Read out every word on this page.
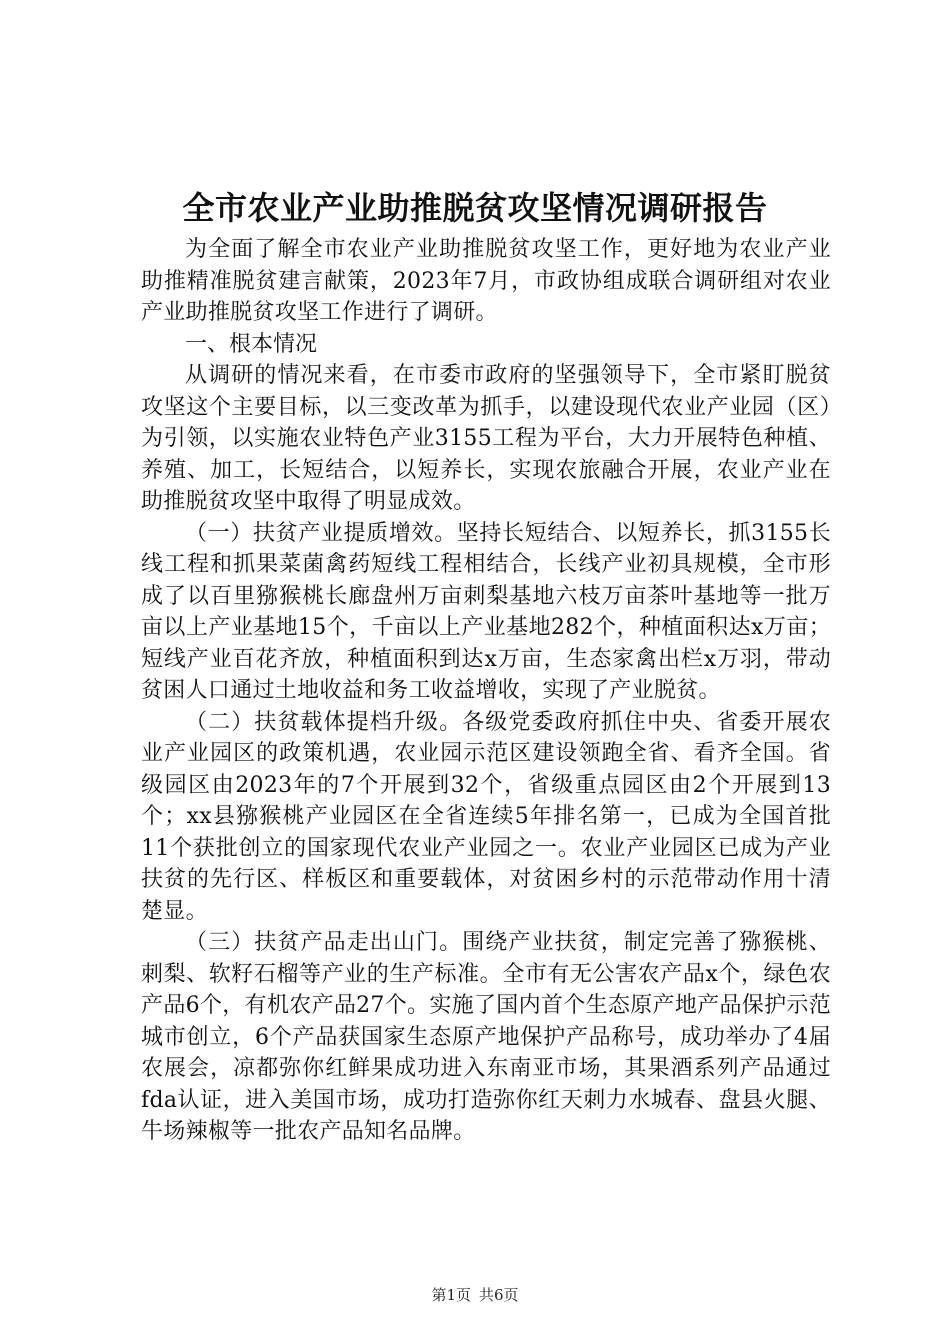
全市农业产业助推脱贫攻坚情况调研报告

为全面了解全市农业产业助推脱贫攻坚工作，更好地为农业产业助推精准脱贫建言献策，2023年7月，市政协组成联合调研组对农业产业助推脱贫攻坚工作进行了调研。

一、根本情况

从调研的情况来看，在市委市政府的坚强领导下，全市紧盯脱贫攻坚这个主要目标，以三变改革为抓手，以建设现代农业产业园（区）为引领，以实施农业特色产业3155工程为平台，大力开展特色种植、养殖、加工，长短结合，以短养长，实现农旅融合开展，农业产业在助推脱贫攻坚中取得了明显成效。

（一）扶贫产业提质增效。坚持长短结合、以短养长，抓3155长线工程和抓果菜菌禽药短线工程相结合，长线产业初具规模，全市形成了以百里猕猴桃长廊盘州万亩刺梨基地六枝万亩茶叶基地等一批万亩以上产业基地15个，千亩以上产业基地282个，种植面积达x万亩；短线产业百花齐放，种植面积到达x万亩，生态家禽出栏x万羽，带动贫困人口通过土地收益和务工收益增收，实现了产业脱贫。

（二）扶贫载体提档升级。各级党委政府抓住中央、省委开展农业产业园区的政策机遇，农业园示范区建设领跑全省、看齐全国。省级园区由2023年的7个开展到32个，省级重点园区由2个开展到13个；xx县猕猴桃产业园区在全省连续5年排名第一，已成为全国首批11个获批创立的国家现代农业产业园之一。农业产业园区已成为产业扶贫的先行区、样板区和重要载体，对贫困乡村的示范带动作用十清楚显。

（三）扶贫产品走出山门。围绕产业扶贫，制定完善了猕猴桃、刺梨、软籽石榴等产业的生产标准。全市有无公害农产品x个，绿色农产品6个，有机农产品27个。实施了国内首个生态原产地产品保护示范城市创立，6个产品获国家生态原产地保护产品称号，成功举办了4届农展会，凉都弥你红鲜果成功进入东南亚市场，其果酒系列产品通过fda认证，进入美国市场，成功打造弥你红天刺力水城春、盘县火腿、牛场辣椒等一批农产品知名品牌。

第1页 共6页
